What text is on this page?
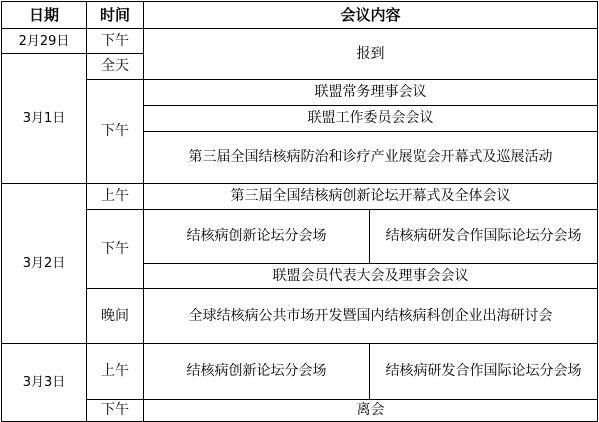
日期	时间	会议内容	
2月29日	下午	报到	
3月1日	全天		
	下午	联盟常务理事会议	
		联盟工作委员会会议	
		第三届全国结核病防治和诊疗产业展览会开幕式及巡展活动	
3月2日	上午	第三届全国结核病创新论坛开幕式及全体会议	
	下午	结核病创新论坛分会场	结核病研发合作国际论坛分会场
		联盟会员代表大会及理事会会议	
	晚间	全球结核病公共市场开发暨国内结核病科创企业出海研讨会	
3月3日	上午	结核病创新论坛分会场	结核病研发合作国际论坛分会场
	下午	离会	
